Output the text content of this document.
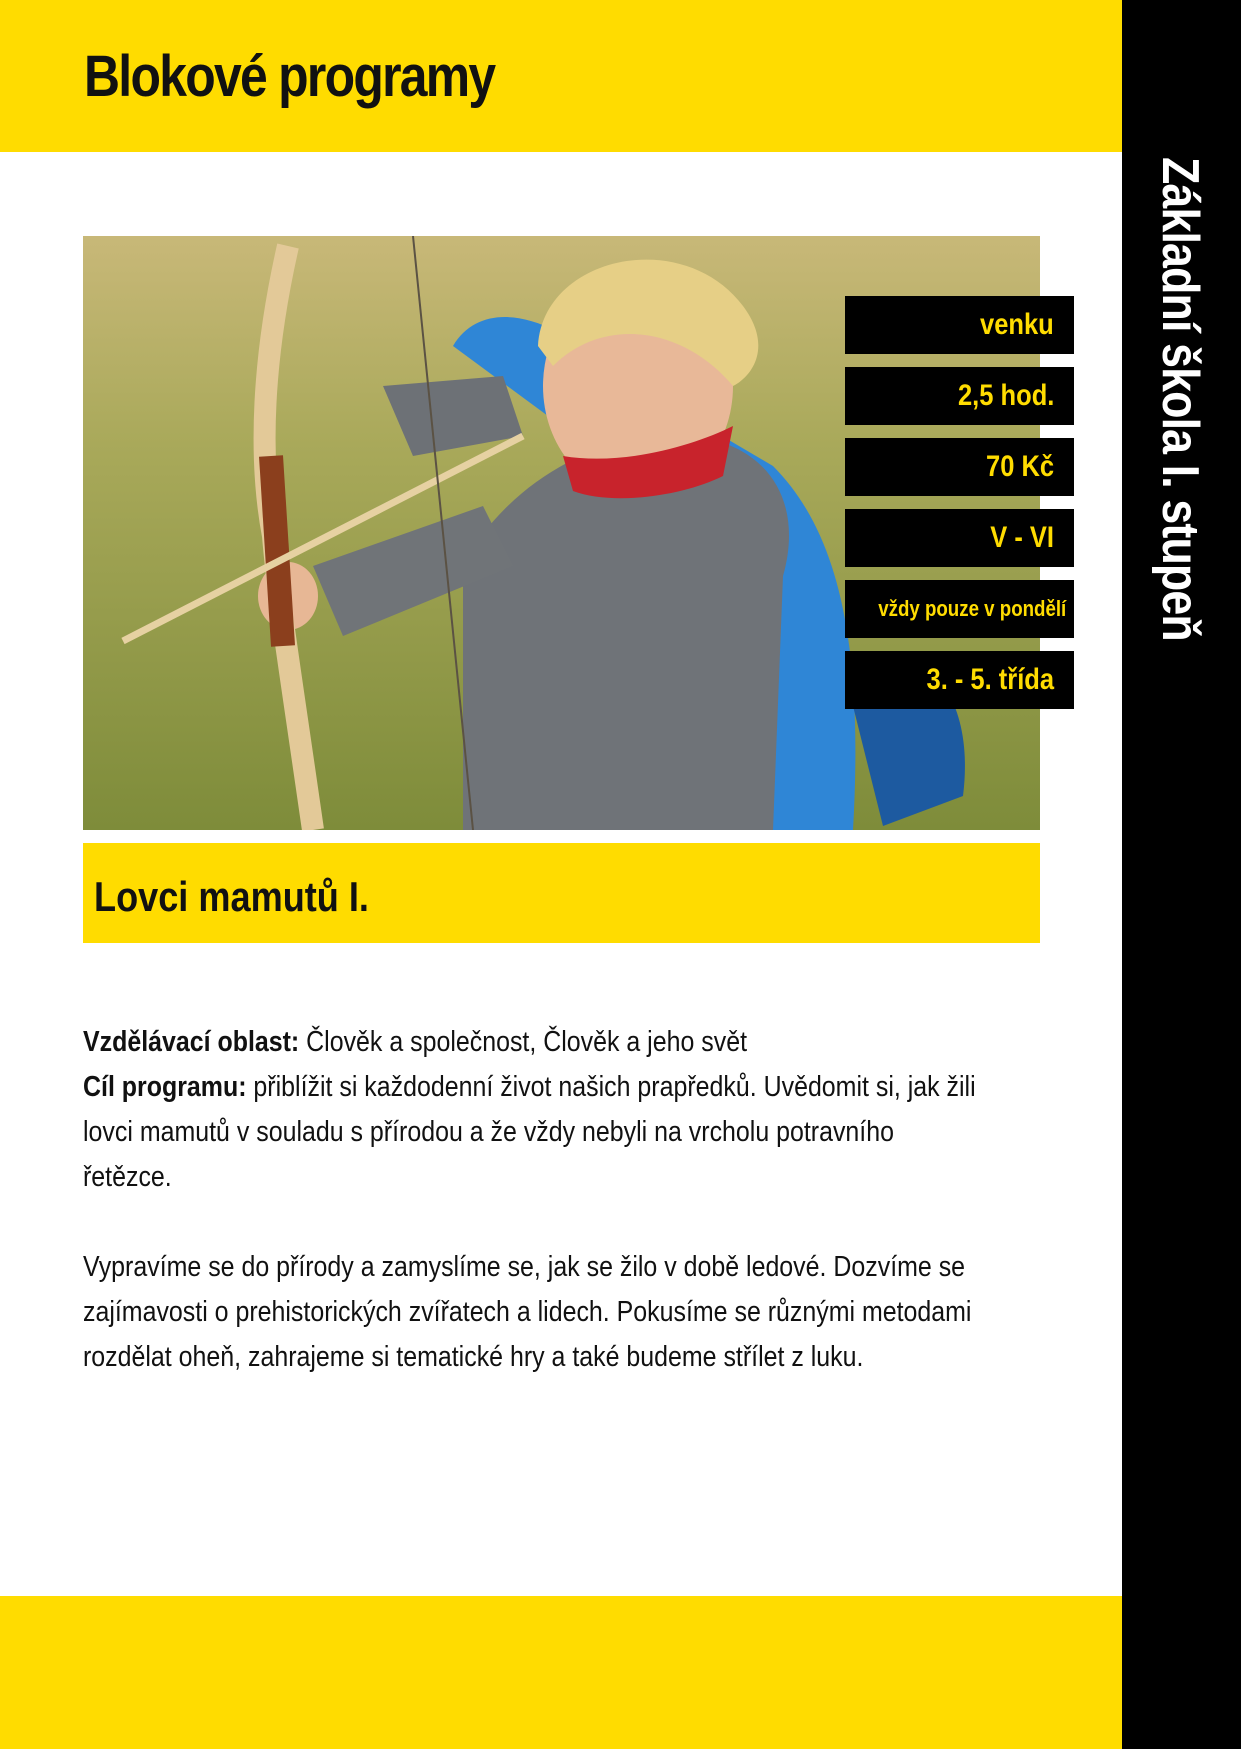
Blokové programy
Základní škola I. stupeň
venku
2,5 hod.
70 Kč
V - VI
vždy pouze v pondělí
3. - 5. třída
Lovci mamutů I.

Vzdělávací oblast: Člověk a společnost, Člověk a jeho svět

Cíl programu: přiblížit si každodenní život našich prapředků. Uvědomit si, jak žili lovci mamutů v souladu s přírodou a že vždy nebyli na vrcholu potravního řetězce.

Vypravíme se do přírody a zamyslíme se, jak se žilo v době ledové. Dozvíme se zajímavosti o prehistorických zvířatech a lidech. Pokusíme se různými metodami rozdělat oheň, zahrajeme si tematické hry a také budeme střílet z luku.
